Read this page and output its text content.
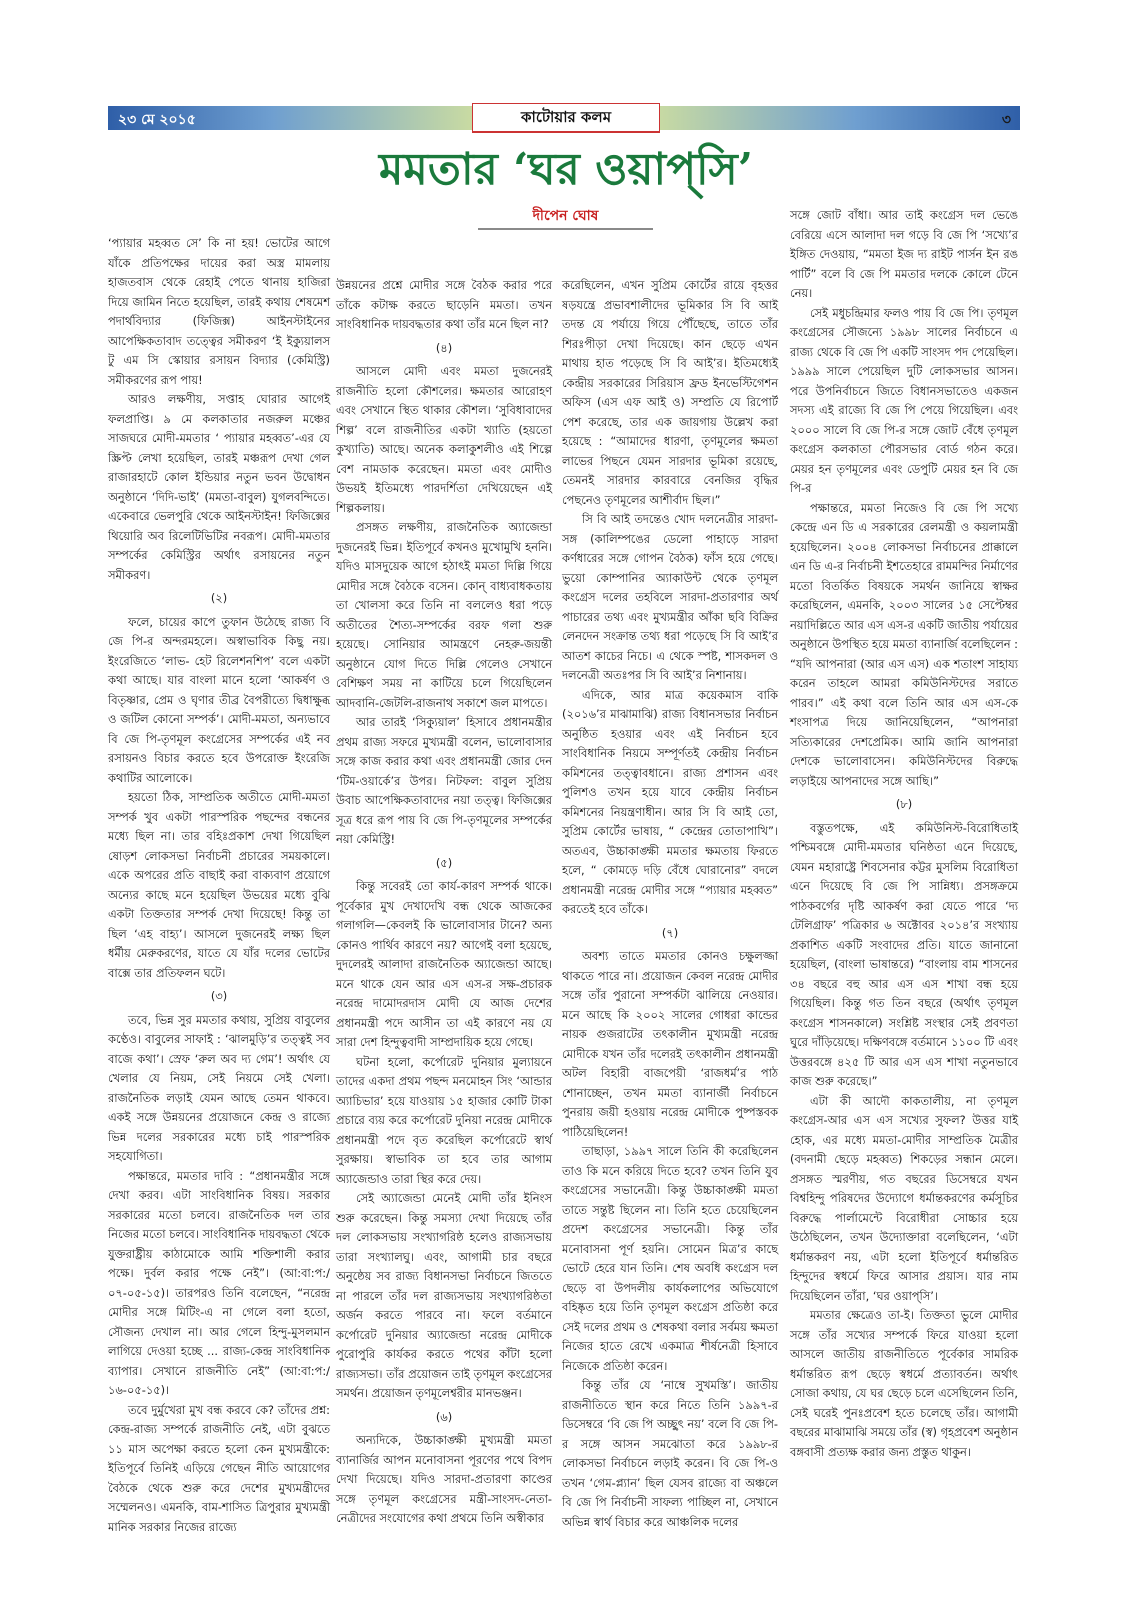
২৩ মে ২০১৫	কাটোয়ার কলম	৩
মমতার ‘ঘর ওয়াপ্‌সি’
দীপেন ঘোষ

‘প্যায়ার মহব্বত সে’ কি না হয়! ভোটের আগে যাঁকে প্রতিপক্ষের দায়ের করা অস্ত্র মামলায় হাজতবাস থেকে রেহাই পেতে থানায় হাজিরা দিয়ে জামিন নিতে হয়েছিল, তারই কথায় শেষমেশ পদার্থবিদ্যার (ফিজিক্স) আইনস্টাইনের আপেক্ষিকতাবাদ তত্ত্বের সমীকরণ ‘ই ইক্যুয়ালস টু এম সি স্কোয়ার রসায়ন বিদ্যার (কেমিস্ট্রি) সমীকরণের রূপ পায়!

আরও লক্ষণীয়, সপ্তাহ ঘোরার আগেই ফলপ্রাপ্তি। ৯ মে কলকাতার নজরুল মঞ্চের সাজঘরে মোদী-মমতার ‘ প্যায়ার মহব্বত’-এর যে স্ক্রিপ্ট লেখা হয়েছিল, তারই মঞ্চরূপ দেখা গেল রাজারহাটে কোল ইন্ডিয়ার নতুন ভবন উদ্বোধন অনুষ্ঠানে ‘দিদি-ভাই’ (মমতা-বাবুল) যুগলবন্দিতে। একেবারে ভেলপুরি থেকে আইনস্টাইন! ফিজিক্সের থিয়োরি অব রিলেটিভিটির নবরূপ। মোদী-মমতার সম্পর্কের কেমিস্ট্রির অর্থাৎ রসায়নের নতুন সমীকরণ।

(২)

ফলে, চায়ের কাপে তুফান উঠেছে রাজ্য বি জে পি-র অন্দরমহলে। অস্বাভাবিক কিছু নয়। ইংরেজিতে ‘লাভ- হেট রিলেশনশিপ’ বলে একটা কথা আছে। যার বাংলা মানে হলো ‘আকর্ষণ ও বিতৃষ্ণার, প্রেম ও ঘৃণার তীব্র বৈপরীত্যে দ্বিধাক্ষুব্ধ ও জটিল কোনো সম্পর্ক’। মোদী-মমতা, অন্যভাবে বি জে পি-তৃণমূল কংগ্রেসের সম্পর্কের এই নব রসায়নও বিচার করতে হবে উপরোক্ত ইংরেজি কথাটির আলোকে।

হয়তো ঠিক, সাম্প্রতিক অতীতে মোদী-মমতা সম্পর্ক খুব একটা পারস্পরিক পছন্দের বন্ধনের মধ্যে ছিল না। তার বহিঃপ্রকাশ দেখা গিয়েছিল ষোড়শ লোকসভা নির্বাচনী প্রচারের সময়কালে। একে অপরের প্রতি বাছাই করা বাক্যবাণ প্রয়োগে অন্যের কাছে মনে হয়েছিল উভয়ের মধ্যে বুঝি একটা তিক্ততার সম্পর্ক দেখা দিয়েছে! কিন্তু তা ছিল ‘এহ বাহ্য’। আসলে দুজনেরই লক্ষ্য ছিল ধর্মীয় মেরুকরণের, যাতে যে যাঁর দলের ভোটের বাক্সে তার প্রতিফলন ঘটে।

(৩)

তবে, ভিন্ন সুর মমতার কথায়, সুপ্রিয় বাবুলের কণ্ঠেও। বাবুলের সাফাই : ‘ঝালমুড়ি’র তত্ত্বই সব বাজে কথা’। স্রেফ ‘রুল অব দ্য গেম’! অর্থাৎ যে খেলার যে নিয়ম, সেই নিয়মে সেই খেলা। রাজনৈতিক লড়াই যেমন আছে তেমন থাকবে। একই সঙ্গে উন্নয়নের প্রয়োজনে কেন্দ্র ও রাজ্যে ভিন্ন দলের সরকারের মধ্যে চাই পারস্পরিক সহযোগিতা।

পক্ষান্তরে, মমতার দাবি : “প্রধানমন্ত্রীর সঙ্গে দেখা করব। এটা সাংবিধানিক বিষয়। সরকার সরকারের মতো চলবে। রাজনৈতিক দল তার নিজের মতো চলবে। সাংবিধানিক দায়বদ্ধতা থেকে যুক্তরাষ্ট্রীয় কাঠামোকে আমি শক্তিশালী করার পক্ষে। দুর্বল করার পক্ষে নেই”। (আ:বা:প:/০৭-০৫-১৫)। তারপরও তিনি বলেছেন, “নরেন্দ্র মোদীর সঙ্গে মিটিং-এ না গেলে বলা হতো, সৌজন্য দেখাল না। আর গেলে হিন্দু-মুসলমান লাগিয়ে দেওয়া হচ্ছে ... রাজ্য-কেন্দ্র সাংবিধানিক ব্যাপার। সেখানে রাজনীতি নেই” (আ:বা:প:/১৬-০৫-১৫)।

তবে দুর্মুখেরা মুখ বন্ধ করবে কে? তাঁদের প্রশ্ন: কেন্দ্র-রাজ্য সম্পর্কে রাজনীতি নেই, এটা বুঝতে ১১ মাস অপেক্ষা করতে হলো কেন মুখ্যমন্ত্রীকে: ইতিপূর্বে তিনিই এড়িয়ে গেছেন নীতি আয়োগের বৈঠকে থেকে শুরু করে দেশের মুখ্যমন্ত্রীদের সম্মেলনও। এমনকি, বাম-শাসিত ত্রিপুরার মুখ্যমন্ত্রী মানিক সরকার নিজের রাজ্যে

উন্নয়নের প্রশ্নে মোদীর সঙ্গে বৈঠক করার পরে তাঁকে কটাক্ষ করতে ছাড়েনি মমতা। তখন সাংবিধানিক দায়বদ্ধতার কথা তাঁর মনে ছিল না?

(৪)

আসলে মোদী এবং মমতা দুজনেরই রাজনীতি হলো কৌশলের। ক্ষমতার আরোহণ এবং সেখানে স্থিত থাকার কৌশল। ‘সুবিধাবাদের শিল্প’ বলে রাজনীতির একটা খ্যাতি (হয়তো কুখ্যাতি) আছে। অনেক কলাকুশলীও এই শিল্পে বেশ নামডাক করেছেন। মমতা এবং মোদীও উভয়ই ইতিমধ্যে পারদর্শিতা দেখিয়েছেন এই শিল্পকলায়।

প্রসঙ্গত লক্ষণীয়, রাজনৈতিক অ্যাজেন্ডা দুজনেরই ভিন্ন। ইতিপূর্বে কখনও মুখোমুখি হননি। যদিও মাসদুয়েক আগে হঠাৎই মমতা দিল্লি গিয়ে মোদীর সঙ্গে বৈঠকে বসেন। কোন্‌ বাধ্যবাধকতায় তা খোলসা করে তিনি না বললেও ধরা পড়ে অতীতের শৈত্য-সম্পর্কের বরফ গলা শুরু হয়েছে। সোনিয়ার আমন্ত্রণে নেহরু-জয়ন্তী অনুষ্ঠানে যোগ দিতে দিল্লি গেলেও সেখানে বেশিক্ষণ সময় না কাটিয়ে চলে গিয়েছিলেন আদবানি-জেটলি-রাজনাথ সকাশে জল মাপতে।

আর তারই ‘সিক্যুয়াল’ হিসাবে প্রধানমন্ত্রীর প্রথম রাজ্য সফরে মুখ্যমন্ত্রী বলেন, ভালোবাসার সঙ্গে কাজ করার কথা এবং প্রধানমন্ত্রী জোর দেন ‘টিম-ওয়ার্কে’র উপর। নিটফল: বাবুল সুপ্রিয় উবাচ আপেক্ষিকতাবাদের নয়া তত্ত্ব। ফিজিক্সের সূত্র ধরে রূপ পায় বি জে পি-তৃণমূলের সম্পর্কের নয়া কেমিস্ট্রি!

(৫)

কিন্তু সবেরই তো কার্য-কারণ সম্পর্ক থাকে। পূর্বেকার মুখ দেখাদেখি বন্ধ থেকে আজকের গলাগলি—কেবলই কি ভালোবাসার টানে? অন্য কোনও পার্থিব কারণে নয়? আগেই বলা হয়েছে, দুদলেরই আলাদা রাজনৈতিক অ্যাজেন্ডা আছে। মনে থাকে যেন আর এস এস-র সক্ষ-প্রচারক নরেন্দ্র দামোদরদাস মোদী যে আজ দেশের প্রধানমন্ত্রী পদে আসীন তা এই কারণে নয় যে সারা দেশ হিন্দুত্ববাদী সাম্প্রদায়িক হয়ে গেছে।

ঘটনা হলো, কর্পোরেট দুনিয়ার মুল্যায়নে তাদের একদা প্রথম পছন্দ মনমোহন সিং ‘আন্ডার অ্যাচিভার’ হয়ে যাওয়ায় ১৫ হাজার কোটি টাকা প্রচারে ব্যয় করে কর্পোরেট দুনিয়া নরেন্দ্র মোদীকে প্রধানমন্ত্রী পদে বৃত করেছিল কর্পোরেটে স্বার্থ সুরক্ষায়। স্বাভাবিক তা হবে তার আগাম অ্যাজেন্ডাও তারা স্থির করে দেয়।

সেই অ্যাজেন্ডা মেনেই মোদী তাঁর ইনিংস শুরু করেছেন। কিন্তু সমস্যা দেখা দিয়েছে তাঁর দল লোকসভায় সংখ্যাগরিষ্ঠ হলেও রাজ্যসভায় তারা সংখ্যালঘু। এবং, আগামী চার বছরে অনুষ্ঠেয় সব রাজ্য বিধানসভা নির্বাচনে জিততে না পারলে তাঁর দল রাজ্যসভায় সংখ্যাগরিষ্ঠতা অর্জন করতে পারবে না। ফলে বর্তমানে কর্পোরেট দুনিয়ার অ্যাজেন্ডা নরেন্দ্র মোদীকে পুরোপুরি কার্যকর করতে পথের কাঁটা হলো রাজ্যসভা। তাঁর প্রয়োজন তাই তৃণমূল কংগ্রেসের সমর্থন। প্রয়োজন তৃণমূলেশ্বরীর মানভঞ্জন।

(৬)

অন্যদিকে, উচ্চাকাঙ্ক্ষী মুখ্যমন্ত্রী মমতা ব্যানার্জির আপন মনোবাসনা পূরণের পথে বিপদ দেখা দিয়েছে। যদিও সারদা-প্রতারণা কাণ্ডের সঙ্গে তৃণমূল কংগ্রেসের মন্ত্রী-সাংসদ-নেতা-নেত্রীদের সংযোগের কথা প্রথমে তিনি অস্বীকার

করেছিলেন, এখন সুপ্রিম কোর্টের রায়ে বৃহত্তর ষড়যন্ত্রে প্রভাবশালীদের ভূমিকার সি বি আই তদন্ত যে পর্যায়ে গিয়ে পৌঁছেছে, তাতে তাঁর শিরঃপীড়া দেখা দিয়েছে। কান ছেড়ে এখন মাথায় হাত পড়েছে সি বি আই’র। ইতিমধ্যেই কেন্দ্রীয় সরকারের সিরিয়াস ফ্রড ইনভেস্টিগেশন অফিস (এস এফ আই ও) সম্প্রতি যে রিপোর্ট পেশ করেছে, তার এক জায়গায় উল্লেখ করা হয়েছে : “আমাদের ধারণা, তৃণমূলের ক্ষমতা লাভের পিছনে যেমন সারদার ভূমিকা রয়েছে, তেমনই সারদার কারবারে বেনজির বৃদ্ধির পেছনেও তৃণমূলের আশীর্বাদ ছিল।”

সি বি আই তদন্তেও খোদ দলনেত্রীর সারদা-সঙ্গ (কালিম্পঙের ডেলো পাহাড়ে সারদা কর্ণধারের সঙ্গে গোপন বৈঠক) ফাঁস হয়ে গেছে। ভুয়ো কোম্পানির অ্যাকাউন্ট থেকে তৃণমূল কংগ্রেস দলের তহবিলে সারদা-প্রতারণার অর্থ পাচারের তথ্য এবং মুখ্যমন্ত্রীর আঁকা ছবি বিক্রির লেনদেন সংক্রান্ত তথ্য ধরা পড়েছে সি বি আই’র আতশ কাচের নিচে। এ থেকে স্পষ্ট, শাসকদল ও দলনেত্রী অতঃপর সি বি আই’র নিশানায়।

এদিকে, আর মাত্র কয়েকমাস বাকি (২০১৬’র মাঝামাঝি) রাজ্য বিধানসভার নির্বাচন অনুষ্ঠিত হওয়ার এবং এই নির্বাচন হবে সাংবিধানিক নিয়মে সম্পূর্ণতই কেন্দ্রীয় নির্বাচন কমিশনের তত্ত্বাবধানে। রাজ্য প্রশাসন এবং পুলিশও তখন হয়ে যাবে কেন্দ্রীয় নির্বাচন কমিশনের নিয়ন্ত্রণাধীন। আর সি বি আই তো, সুপ্রিম কোর্টের ভাষায়, “ কেন্দ্রের তোতাপাখি”। অতএব, উচ্চাকাঙ্ক্ষী মমতার ক্ষমতায় ফিরতে হলে, “ কোমড়ে দড়ি বেঁধে ঘোরানোর” বদলে প্রধানমন্ত্রী নরেন্দ্র মোদীর সঙ্গে “প্যায়ার মহব্বত” করতেই হবে তাঁকে।

(৭)

অবশ্য তাতে মমতার কোনও চক্ষুলজ্জা থাকতে পারে না। প্রয়োজন কেবল নরেন্দ্র মোদীর সঙ্গে তাঁর পুরানো সম্পর্কটা ঝালিয়ে নেওয়ার। মনে আছে কি ২০০২ সালের গোধরা কান্ডের নায়ক গুজরাটের তৎকালীন মুখ্যমন্ত্রী নরেন্দ্র মোদীকে যখন তাঁর দলেরই তৎকালীন প্রধানমন্ত্রী অটল বিহারী বাজপেয়ী ‘রাজধর্ম’র পাঠ শোনাচ্ছেন, তখন মমতা ব্যানার্জী নির্বাচনে পুনরায় জয়ী হওয়ায় নরেন্দ্র মোদীকে পুষ্পস্তবক পাঠিয়েছিলেন!

তাছাড়া, ১৯৯৭ সালে তিনি কী করেছিলেন তাও কি মনে করিয়ে দিতে হবে? তখন তিনি যুব কংগ্রেসের সভানেত্রী। কিন্তু উচ্চাকাঙ্ক্ষী মমতা তাতে সন্তুষ্ট ছিলেন না। তিনি হতে চেয়েছিলেন প্রদেশ কংগ্রেসের সভানেত্রী। কিন্তু তাঁর মনোবাসনা পূর্ণ হয়নি। সোমেন মিত্র’র কাছে ভোটে হেরে যান তিনি। শেষ অবধি কংগ্রেস দল ছেড়ে বা উপদলীয় কার্যকলাপের অভিযোগে বহিষ্কৃত হয়ে তিনি তৃণমূল কংগ্রেস প্রতিষ্ঠা করে সেই দলের প্রথম ও শেষকথা বলার সর্বময় ক্ষমতা নিজের হাতে রেখে একমাত্র শীর্ষনেত্রী হিসাবে নিজেকে প্রতিষ্ঠা করেন।

কিন্তু তাঁর যে ‘নাম্বে সুখমস্তি’। জাতীয় রাজনীতিতে স্থান করে নিতে তিনি ১৯৯৭-র ডিসেম্বরে ‘বি জে পি অচ্ছুৎ নয়’ বলে বি জে পি-র সঙ্গে আসন সমঝোতা করে ১৯৯৮-র লোকসভা নির্বাচনে লড়াই করেন। বি জে পি-ও তখন ‘গেম-প্ল্যান’ ছিল যেসব রাজ্যে বা অঞ্চলে বি জে পি নির্বাচনী সাফল্য পাচ্ছিল না, সেখানে অভিন্ন স্বার্থ বিচার করে আঞ্চলিক দলের

সঙ্গে জোট বাঁধা। আর তাই কংগ্রেস দল ভেঙে বেরিয়ে এসে আলাদা দল গড়ে বি জে পি ‘সখ্যে’র ইঙ্গিত দেওয়ায়, “মমতা ইজ দ্য রাইট পার্সন ইন রঙ পার্টি” বলে বি জে পি মমতার দলকে কোলে টেনে নেয়।

সেই মধুচন্দ্রিমার ফলও পায় বি জে পি। তৃণমূল কংগ্রেসের সৌজন্যে ১৯৯৮ সালের নির্বাচনে এ রাজ্য থেকে বি জে পি একটি সাংসদ পদ পেয়েছিল। ১৯৯৯ সালে পেয়েছিল দুটি লোকসভার আসন। পরে উপনির্বাচনে জিতে বিধানসভাতেও একজন সদস্য এই রাজ্যে বি জে পি পেয়ে গিয়েছিল। এবং ২০০০ সালে বি জে পি-র সঙ্গে জোট বেঁধে তৃণমূল কংগ্রেস কলকাতা পৌরসভার বোর্ড গঠন করে। মেয়র হন তৃণমূলের এবং ডেপুটি মেয়র হন বি জে পি-র

পক্ষান্তরে, মমতা নিজেও বি জে পি সখ্যে কেন্দ্রে এন ডি এ সরকারের রেলমন্ত্রী ও কয়লামন্ত্রী হয়েছিলেন। ২০০৪ লোকসভা নির্বাচনের প্রাক্কালে এন ডি এ-র নির্বাচনী ইশতেহারে রামমন্দির নির্মাণের মতো বিতর্কিত বিষয়কে সমর্থন জানিয়ে স্বাক্ষর করেছিলেন, এমনকি, ২০০৩ সালের ১৫ সেপ্টেম্বর নয়াদিল্লিতে আর এস এস-র একটি জাতীয় পর্যায়ের অনুষ্ঠানে উপস্থিত হয়ে মমতা ব্যানার্জি বলেছিলেন : “যদি আপনারা (আর এস এস) এক শতাংশ সাহায্য করেন তাহলে আমরা কমিউনিস্টদের সরাতে পারব।” এই কথা বলে তিনি আর এস এস-কে শংসাপত্র দিয়ে জানিয়েছিলেন, “আপনারা সত্যিকারের দেশপ্রেমিক। আমি জানি আপনারা দেশকে ভালোবাসেন। কমিউনিস্টদের বিরুদ্ধে লড়াইয়ে আপনাদের সঙ্গে আছি।”

(৮)

বস্তুতপক্ষে, এই কমিউনিস্ট-বিরোধিতাই পশ্চিমবঙ্গে মোদী-মমতার ঘনিষ্ঠতা এনে দিয়েছে, যেমন মহারাষ্ট্রে শিবসেনার কট্টর মুসলিম বিরোধিতা এনে দিয়েছে বি জে পি সান্নিধ্য। প্রসঙ্গক্রমে পাঠকবর্গের দৃষ্টি আকর্ষণ করা যেতে পারে ‘দ্য টেলিগ্রাফ’ পত্রিকার ৬ অক্টোবর ২০১৪’র সংখ্যায় প্রকাশিত একটি সংবাদের প্রতি। যাতে জানানো হয়েছিল, (বাংলা ভাষান্তরে) “বাংলায় বাম শাসনের ৩৪ বছরে বহু আর এস এস শাখা বন্ধ হয়ে গিয়েছিল। কিন্তু গত তিন বছরে (অর্থাৎ তৃণমূল কংগ্রেস শাসনকালে) সংশ্লিষ্ট সংস্থার সেই প্রবণতা ঘুরে দাঁড়িয়েছে। দক্ষিণবঙ্গে বর্তমানে ১১০০ টি এবং উত্তরবঙ্গে ৪২৫ টি আর এস এস শাখা নতুনভাবে কাজ শুরু করেছে।”

এটা কী আদৌ কাকতালীয়, না তৃণমূল কংগ্রেস-আর এস এস সখ্যের সুফল? উত্তর যাই হোক, এর মধ্যে মমতা-মোদীর সাম্প্রতিক মৈত্রীর (বদনামী ছেড়ে মহব্বত) শিকড়ের সন্ধান মেলে। প্রসঙ্গত স্মরণীয়, গত বছরের ডিসেম্বরে যখন বিশ্বহিন্দু পরিষদের উদ্যোগে ধর্মান্তকরণের কর্মসূচির বিরুদ্ধে পার্লামেন্টে বিরোধীরা সোচ্চার হয়ে উঠেছিলেন, তখন উদ্যোক্তারা বলেছিলেন, ‘এটা ধর্মান্তকরণ নয়, এটা হলো ইতিপূর্বে ধর্মান্তরিত হিন্দুদের স্বধর্মে ফিরে আসার প্রয়াস। যার নাম দিয়েছিলেন তাঁরা, ‘ঘর ওয়াপ্‌সি’।

মমতার ক্ষেত্রেও তা-ই। তিক্ততা ভুলে মোদীর সঙ্গে তাঁর সখ্যের সম্পর্কে ফিরে যাওয়া হলো আসলে জাতীয় রাজনীতিতে পূর্বেকার সামরিক ধর্মান্তরিত রূপ ছেড়ে স্বধর্মে প্রত্যাবর্তন। অর্থাৎ সোজা কথায়, যে ঘর ছেড়ে চলে এসেছিলেন তিনি, সেই ঘরেই পুনঃপ্রবেশ হতে চলেছে তাঁর। আগামী বছরের মাঝামাঝি সময়ে তাঁর (স্ব) গৃহপ্রবেশ অনুষ্ঠান বঙ্গবাসী প্রত্যক্ষ করার জন্য প্রস্তুত থাকুন।
